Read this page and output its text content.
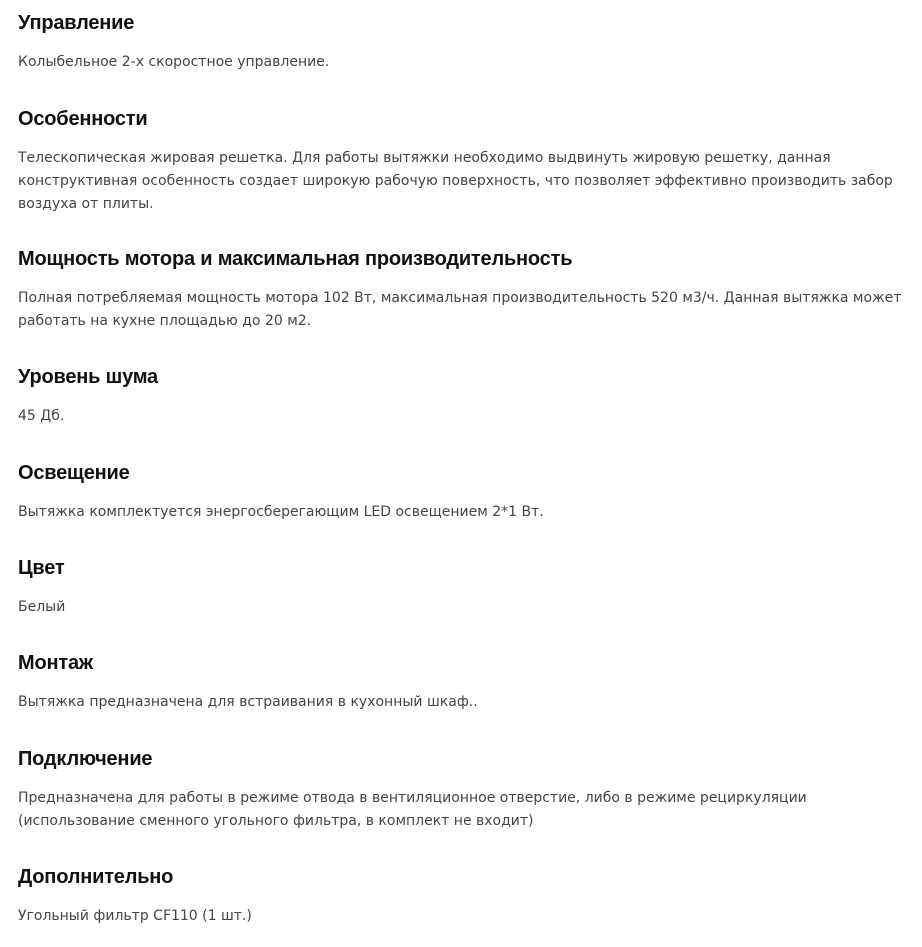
Управление

Колыбельное 2-х скоростное управление.

Особенности

Телескопическая жировая решетка. Для работы вытяжки необходимо выдвинуть жировую решетку, данная конструктивная особенность создает широкую рабочую поверхность, что позволяет эффективно производить забор воздуха от плиты.

Мощность мотора и максимальная производительность

Полная потребляемая мощность мотора 102 Вт, максимальная производительность 520 м3/ч. Данная вытяжка может работать на кухне площадью до 20 м2.

Уровень шума

45 Дб.

Освещение

Вытяжка комплектуется энергосберегающим LED освещением 2*1 Вт.

Цвет

Белый

Монтаж

Вытяжка предназначена для встраивания в кухонный шкаф..

Подключение

Предназначена для работы в режиме отвода в вентиляционное отверстие, либо в режиме рециркуляции (использование сменного угольного фильтра, в комплект не входит)

Дополнительно

Угольный фильтр CF110 (1 шт.)
